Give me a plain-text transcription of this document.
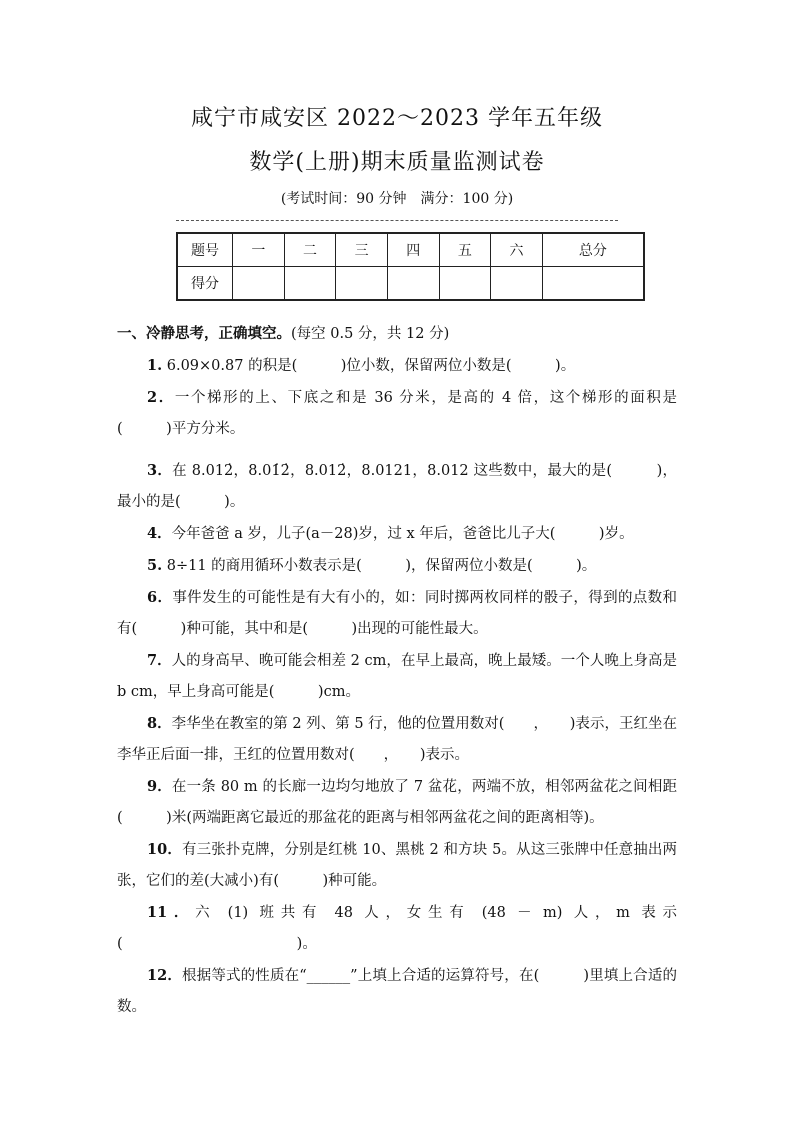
咸宁市咸安区 2022～2023 学年五年级
数学(上册)期末质量监测试卷
(考试时间：90 分钟　满分：100 分)
题号	一	二	三	四	五	六	总分
得分							

一、冷静思考，正确填空。(每空 0.5 分，共 12 分)

1. 6.09×0.87 的积是(　　　)位小数，保留两位小数是(　　　)。

2．一个梯形的上、下底之和是 36 分米，是高的 4 倍，这个梯形的面积是(　　　)平方分米。

3．在 8.012̇，8.01̇2̇，8.012̇，8.0121，8.012 这些数中，最大的是(　　　)，最小的是(　　　)。

4．今年爸爸 a 岁，儿子(a－28)岁，过 x 年后，爸爸比儿子大(　　　)岁。

5. 8÷11 的商用循环小数表示是(　　　)，保留两位小数是(　　　)。

6．事件发生的可能性是有大有小的，如：同时掷两枚同样的骰子，得到的点数和有(　　　)种可能，其中和是(　　　)出现的可能性最大。

7．人的身高早、晚可能会相差 2 cm，在早上最高，晚上最矮。一个人晚上身高是 b cm，早上身高可能是(　　　)cm。

8．李华坐在教室的第 2 列、第 5 行，他的位置用数对(　　，　　)表示，王红坐在李华正后面一排，王红的位置用数对(　　，　　)表示。

9．在一条 80 m 的长廊一边均匀地放了 7 盆花，两端不放，相邻两盆花之间相距(　　　)米(两端距离它最近的那盆花的距离与相邻两盆花之间的距离相等)。

10．有三张扑克牌，分别是红桃 10、黑桃 2 和方块 5。从这三张牌中任意抽出两张，它们的差(大减小)有(　　　)种可能。

11．六 (1) 班共有 48 人，女生有 (48 － m) 人，m 表示(　　　　　　　　　　　　)。

12．根据等式的性质在“______”上填上合适的运算符号，在(　　　)里填上合适的数。
